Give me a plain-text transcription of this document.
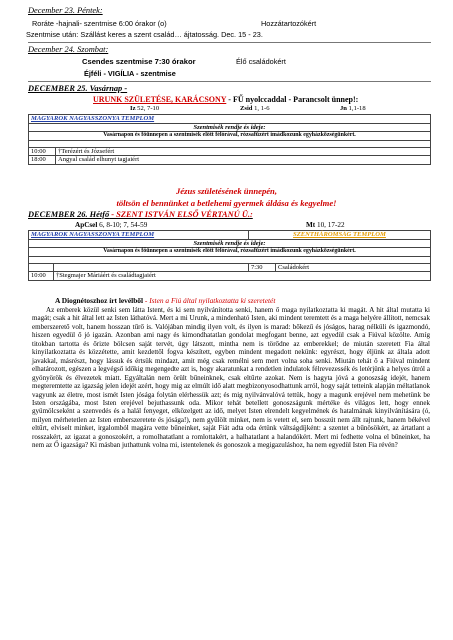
December 23. Péntek:
Roráte -hajnali- szentmise 6:00 órakor (o)	Hozzátartozókért
Szentmise után: Szállást keres a szent család… ájtatosság. Dec. 15 - 23.
December 24. Szombat:
Csendes szentmise 7:30 órakor	Élő családokért
Éjféli - VIGÍLIA - szentmise
DECEMBER 25. Vasárnap -
URUNK SZÜLETÉSE, KARÁCSONY - FŰ nyolccaddal - Parancsolt ünnep!:
Iz 52, 7-10	Zsid 1, 1-6	Jn 1,1-18
MAGYAROK NAGYASSZONYA TEMPLOM	
Szentmisék rendje és ideje:	
Vasárnapon és főünnepen a szentmisék előtt félórával, rózsafüzért imádkozunk egyházközségünkért.	

10:00	†Terézért és Józsefért
18:00	Angyal család elhunyt tagjaiért
Jézus születésének ünnepén,
töltsön el bennünket a betlehemi gyermek áldása és kegyelme!
DECEMBER 26. Hétfő - SZENT ISTVÁN ELSŐ VÉRTANÚ Ü.:
ApCsel 6, 8-10; 7, 54-59	Mt 10, 17-22
MAGYAROK NAGYASSZONYA TEMPLOM		SZENTHÁROMSÁG TEMPLOM	
Szentmisék rendje és ideje:			
Vasárnapon és főünnepen a szentmisék előtt félórával, rózsafüzért imádkozunk egyházközségünkért.			

		7:30	Családokért
10:00	†Stegmajer Máriáért és családtagjaiért		
A Diognétoszhoz írt levélből - Isten a Fiú által nyilatkoztatta ki szeretetét

Az emberek közül senki sem látta Istent, és ki sem nyilvánította senki, hanem ő maga nyilatkoztatta ki magát. A hit által mutatta ki magát; csak a hit által lett az Isten láthatóvá. Mert a mi Urunk, a mindenható Isten, aki mindent teremtett és a maga helyére állított, nemcsak emberszerető volt, hanem hosszan tűrő is. Valójában mindig ilyen volt, és ilyen is marad: bőkezű és jóságos, harag nélküli és igazmondó, hiszen egyedül ő jó igazán. Azonban ami nagy és kimondhatatlan gondolat megfogant benne, azt egyedül csak a Fiúval közölte. Amíg titokban tartotta és őrizte bölcsen saját tervét, úgy látszott, mintha nem is törődne az emberekkel; de miután szeretett Fia által kinyilatkoztatta és közzétette, amit kezdettől fogva készített, egyben mindent megadott nekünk: egyrészt, hogy éljünk az általa adott javakkal, másrészt, hogy lássuk és értsük mindazt, amit még csak remélni sem mert volna soha senki. Miután tehát ő a Fiúval mindent elhatározott, egészen a legvégső időkig megengedte azt is, hogy akaratunkat a rendetlen indulatok félrevezessék és letérjünk a helyes útról a gyönyörök és élvezetek miatt. Egyáltalán nem örült bűneinknek, csak eltűrte azokat. Nem is hagyta jóvá a gonoszság idejét, hanem megteremtette az igazság jelen idejét azért, hogy mig az elmúlt idő alatt megbizonyosodhattunk arról, hogy saját tetteink alapján méltatlanok vagyunk az életre, most ismét Isten jósága folytán elérhessük azt; és mig nyilvánvalóvá tettük, hogy a magunk erejével nem mehetünk be Isten országába, most Isten erejével bejuthassunk oda. Mikor tehát betellett gonoszságunk mértéke és világos lett, hogy ennek gyümölcseként a szenvedés és a halál fenyeget, elközelgett az idő, melyet Isten elrendelt kegyelmének és hatalmának kinyilvánítására (ó, milyen mérhetetlen az Isten emberszeretete és jósága!), nem gyűlölt minket, nem is vetett el, sem bosszút nem állt rajtunk, hanem békével eltűrt, elviselt minket, irgalomból magára vette bűneinket, saját Fiát adta oda értünk váltságdíjként: a szentet a bűnösökért, az ártatlant a rosszakért, az igazat a gonoszokért, a romolhatatlant a romlottakért, a halhatatlant a halandókért. Mert mi fedhette volna el bűneinket, ha nem az Ő igazsága? Ki másban juthattunk volna mi, istentelenek és gonoszok a megigazuláshoz, ha nem egyedül Isten Fia révén?
